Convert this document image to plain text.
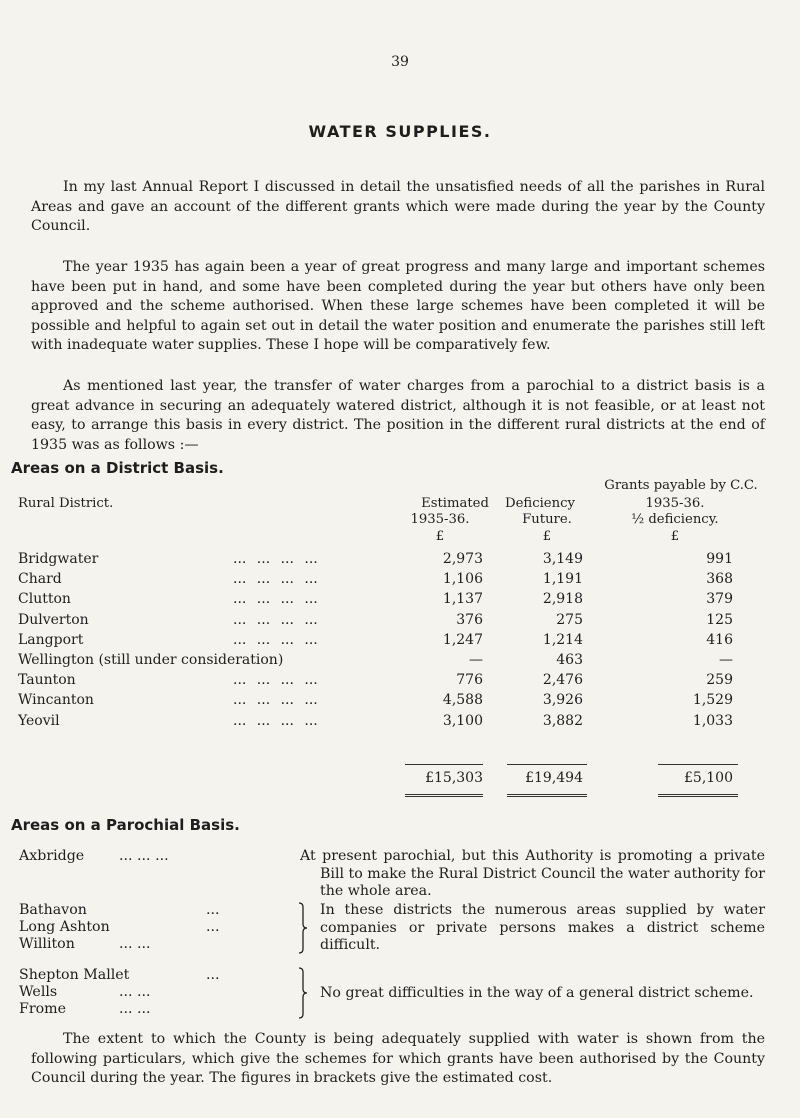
39
WATER SUPPLIES.

In my last Annual Report I discussed in detail the unsatisfied needs of all the parishes in Rural Areas and gave an account of the different grants which were made during the year by the County Council.

The year 1935 has again been a year of great progress and many large and important schemes have been put in hand, and some have been completed during the year but others have only been approved and the scheme authorised. When these large schemes have been completed it will be possible and helpful to again set out in detail the water position and enumerate the parishes still left with inadequate water supplies. These I hope will be comparatively few.

As mentioned last year, the transfer of water charges from a parochial to a district basis is a great advance in securing an adequately watered district, although it is not feasible, or at least not easy, to arrange this basis in every district. The position in the different rural districts at the end of 1935 was as follows :—

Areas on a District Basis.
Rural District.	Estimated	Deficiency
1935-36.	Future.
Grants payable by C.C.
1935-36.
½ deficiency.
£	£	£
Bridgwater	... ... ... ...	2,973	3,149	991
Chard	... ... ... ...	1,106	1,191	368
Clutton	... ... ... ...	1,137	2,918	379
Dulverton	... ... ... ...	376	275	125
Langport	... ... ... ...	1,247	1,214	416
Wellington (still under consideration)	—	463	—
Taunton	... ... ... ...	776	2,476	259
Wincanton	... ... ... ...	4,588	3,926	1,529
Yeovil	... ... ... ...	3,100	3,882	1,033
£15,303	£19,494	£5,100
Areas on a Parochial Basis.
Axbridge ... ... ...	At present parochial, but this Authority is promoting a private Bill to make the Rural District Council the water authority for the whole area.
Bathavon	...
Long Ashton	...
Williton	... ...
In these districts the numerous areas supplied by water companies or private persons makes a district scheme difficult.
Shepton Mallet	...
Wells	... ...
Frome	... ...
No great difficulties in the way of a general district scheme.

The extent to which the County is being adequately supplied with water is shown from the following particulars, which give the schemes for which grants have been authorised by the County Council during the year. The figures in brackets give the estimated cost.
